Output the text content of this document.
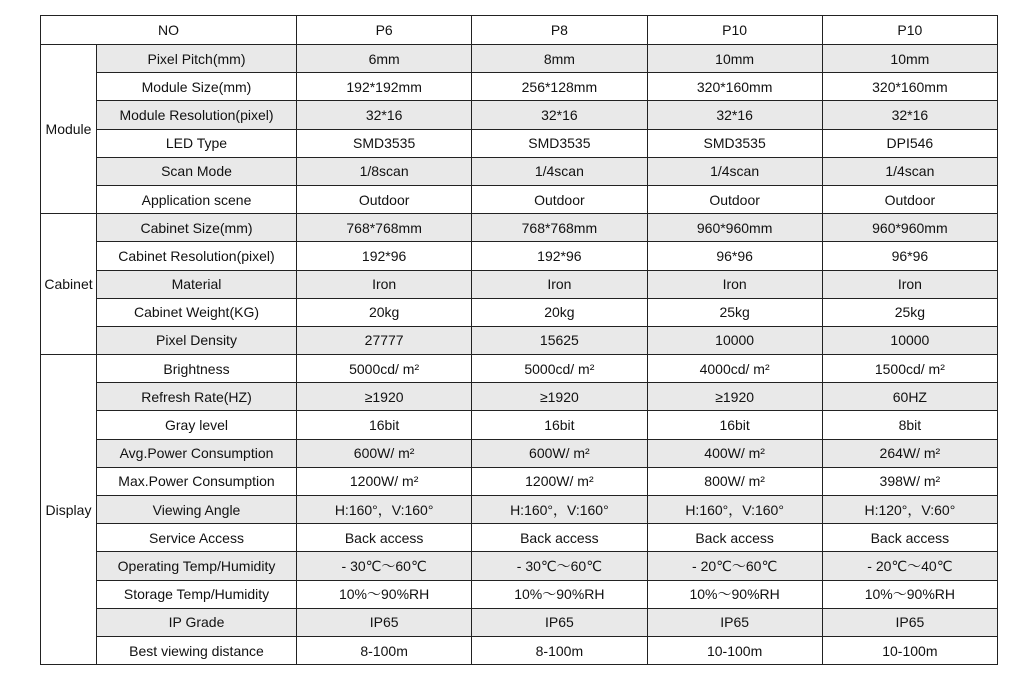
NO		P6	P8	P10	P10
Module	Pixel Pitch(mm)	6mm	8mm	10mm	10mm
	Module Size(mm)	192*192mm	256*128mm	320*160mm	320*160mm
	Module Resolution(pixel)	32*16	32*16	32*16	32*16
	LED Type	SMD3535	SMD3535	SMD3535	DPI546
	Scan Mode	1/8scan	1/4scan	1/4scan	1/4scan
	Application scene	Outdoor	Outdoor	Outdoor	Outdoor
Cabinet	Cabinet Size(mm)	768*768mm	768*768mm	960*960mm	960*960mm
	Cabinet Resolution(pixel)	192*96	192*96	96*96	96*96
	Material	Iron	Iron	Iron	Iron
	Cabinet Weight(KG)	20kg	20kg	25kg	25kg
	Pixel Density	27777	15625	10000	10000
Display	Brightness	5000cd/ m²	5000cd/ m²	4000cd/ m²	1500cd/ m²
	Refresh Rate(HZ)	≥1920	≥1920	≥1920	60HZ
	Gray level	16bit	16bit	16bit	8bit
	Avg.Power Consumption	600W/ m²	600W/ m²	400W/ m²	264W/ m²
	Max.Power Consumption	1200W/ m²	1200W/ m²	800W/ m²	398W/ m²
	Viewing Angle	H:160°，V:160°	H:160°，V:160°	H:160°，V:160°	H:120°，V:60°
	Service Access	Back access	Back access	Back access	Back access
	Operating Temp/Humidity	- 30℃～60℃	- 30℃～60℃	- 20℃～60℃	- 20℃～40℃
	Storage Temp/Humidity	10%～90%RH	10%～90%RH	10%～90%RH	10%～90%RH
	IP Grade	IP65	IP65	IP65	IP65
	Best viewing distance	8-100m	8-100m	10-100m	10-100m
